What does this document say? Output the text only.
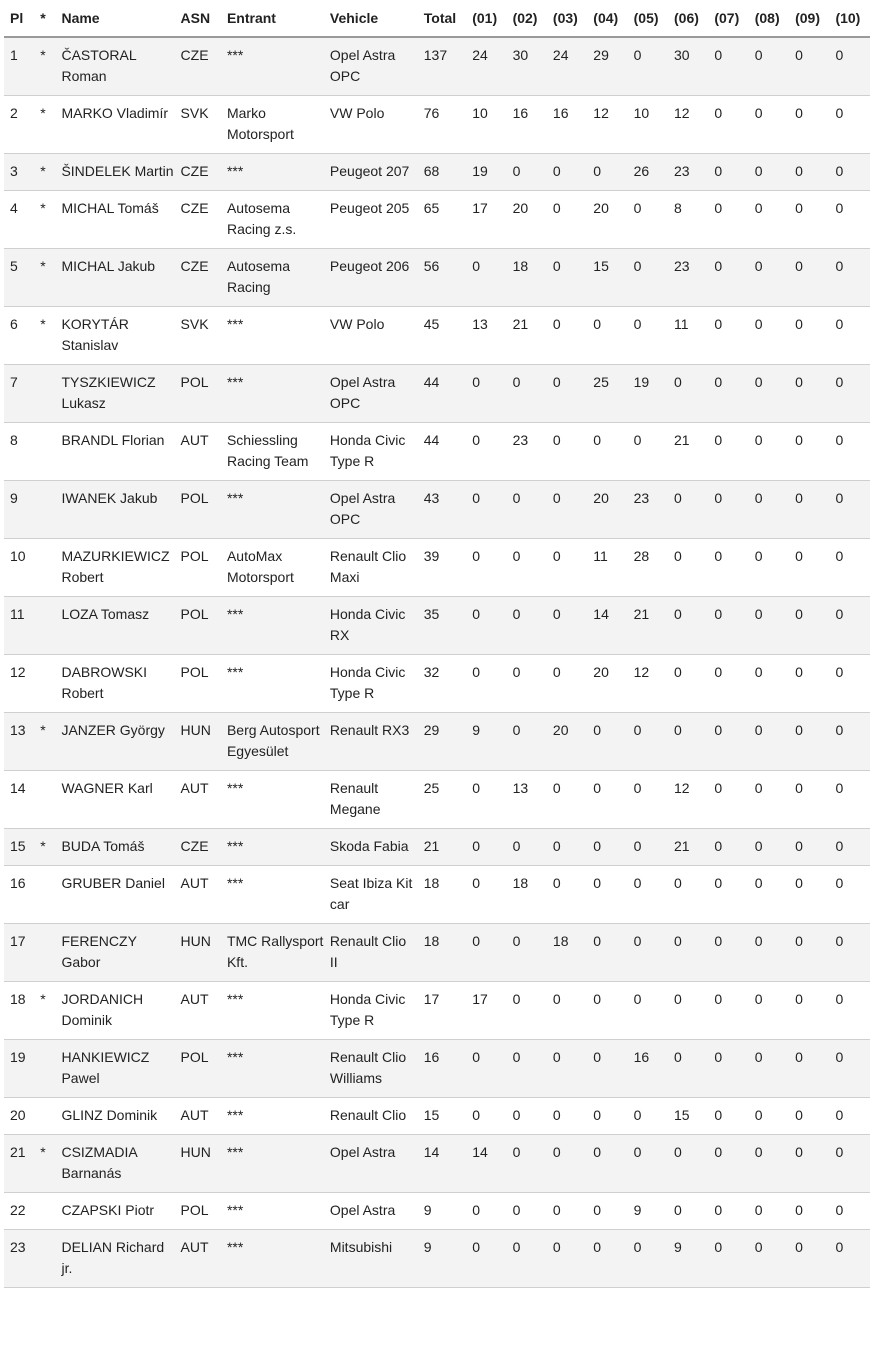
Pl	*	Name	ASN	Entrant	Vehicle	Total	(01)	(02)	(03)	(04)	(05)	(06)	(07)	(08)	(09)	(10)
1	*	ČASTORAL Roman	CZE	***	Opel Astra OPC	137	24	30	24	29	0	30	0	0	0	0
2	*	MARKO Vladimír	SVK	Marko Motorsport	VW Polo	76	10	16	16	12	10	12	0	0	0	0
3	*	ŠINDELEK Martin	CZE	***	Peugeot 207	68	19	0	0	0	26	23	0	0	0	0
4	*	MICHAL Tomáš	CZE	Autosema Racing z.s.	Peugeot 205	65	17	20	0	20	0	8	0	0	0	0
5	*	MICHAL Jakub	CZE	Autosema Racing	Peugeot 206	56	0	18	0	15	0	23	0	0	0	0
6	*	KORYTÁR Stanislav	SVK	***	VW Polo	45	13	21	0	0	0	11	0	0	0	0
7		TYSZKIEWICZ Lukasz	POL	***	Opel Astra OPC	44	0	0	0	25	19	0	0	0	0	0
8		BRANDL Florian	AUT	Schiessling Racing Team	Honda Civic Type R	44	0	23	0	0	0	21	0	0	0	0
9		IWANEK Jakub	POL	***	Opel Astra OPC	43	0	0	0	20	23	0	0	0	0	0
10		MAZURKIEWICZ Robert	POL	AutoMax Motorsport	Renault Clio Maxi	39	0	0	0	11	28	0	0	0	0	0
11		LOZA Tomasz	POL	***	Honda Civic RX	35	0	0	0	14	21	0	0	0	0	0
12		DABROWSKI Robert	POL	***	Honda Civic Type R	32	0	0	0	20	12	0	0	0	0	0
13	*	JANZER György	HUN	Berg Autosport Egyesület	Renault RX3	29	9	0	20	0	0	0	0	0	0	0
14		WAGNER Karl	AUT	***	Renault Megane	25	0	13	0	0	0	12	0	0	0	0
15	*	BUDA Tomáš	CZE	***	Skoda Fabia	21	0	0	0	0	0	21	0	0	0	0
16		GRUBER Daniel	AUT	***	Seat Ibiza Kit car	18	0	18	0	0	0	0	0	0	0	0
17		FERENCZY Gabor	HUN	TMC Rallysport Kft.	Renault Clio II	18	0	0	18	0	0	0	0	0	0	0
18	*	JORDANICH Dominik	AUT	***	Honda Civic Type R	17	17	0	0	0	0	0	0	0	0	0
19		HANKIEWICZ Pawel	POL	***	Renault Clio Williams	16	0	0	0	0	16	0	0	0	0	0
20		GLINZ Dominik	AUT	***	Renault Clio	15	0	0	0	0	0	15	0	0	0	0
21	*	CSIZMADIA Barnanás	HUN	***	Opel Astra	14	14	0	0	0	0	0	0	0	0	0
22		CZAPSKI Piotr	POL	***	Opel Astra	9	0	0	0	0	9	0	0	0	0	0
23		DELIAN Richard jr.	AUT	***	Mitsubishi	9	0	0	0	0	0	9	0	0	0	0
